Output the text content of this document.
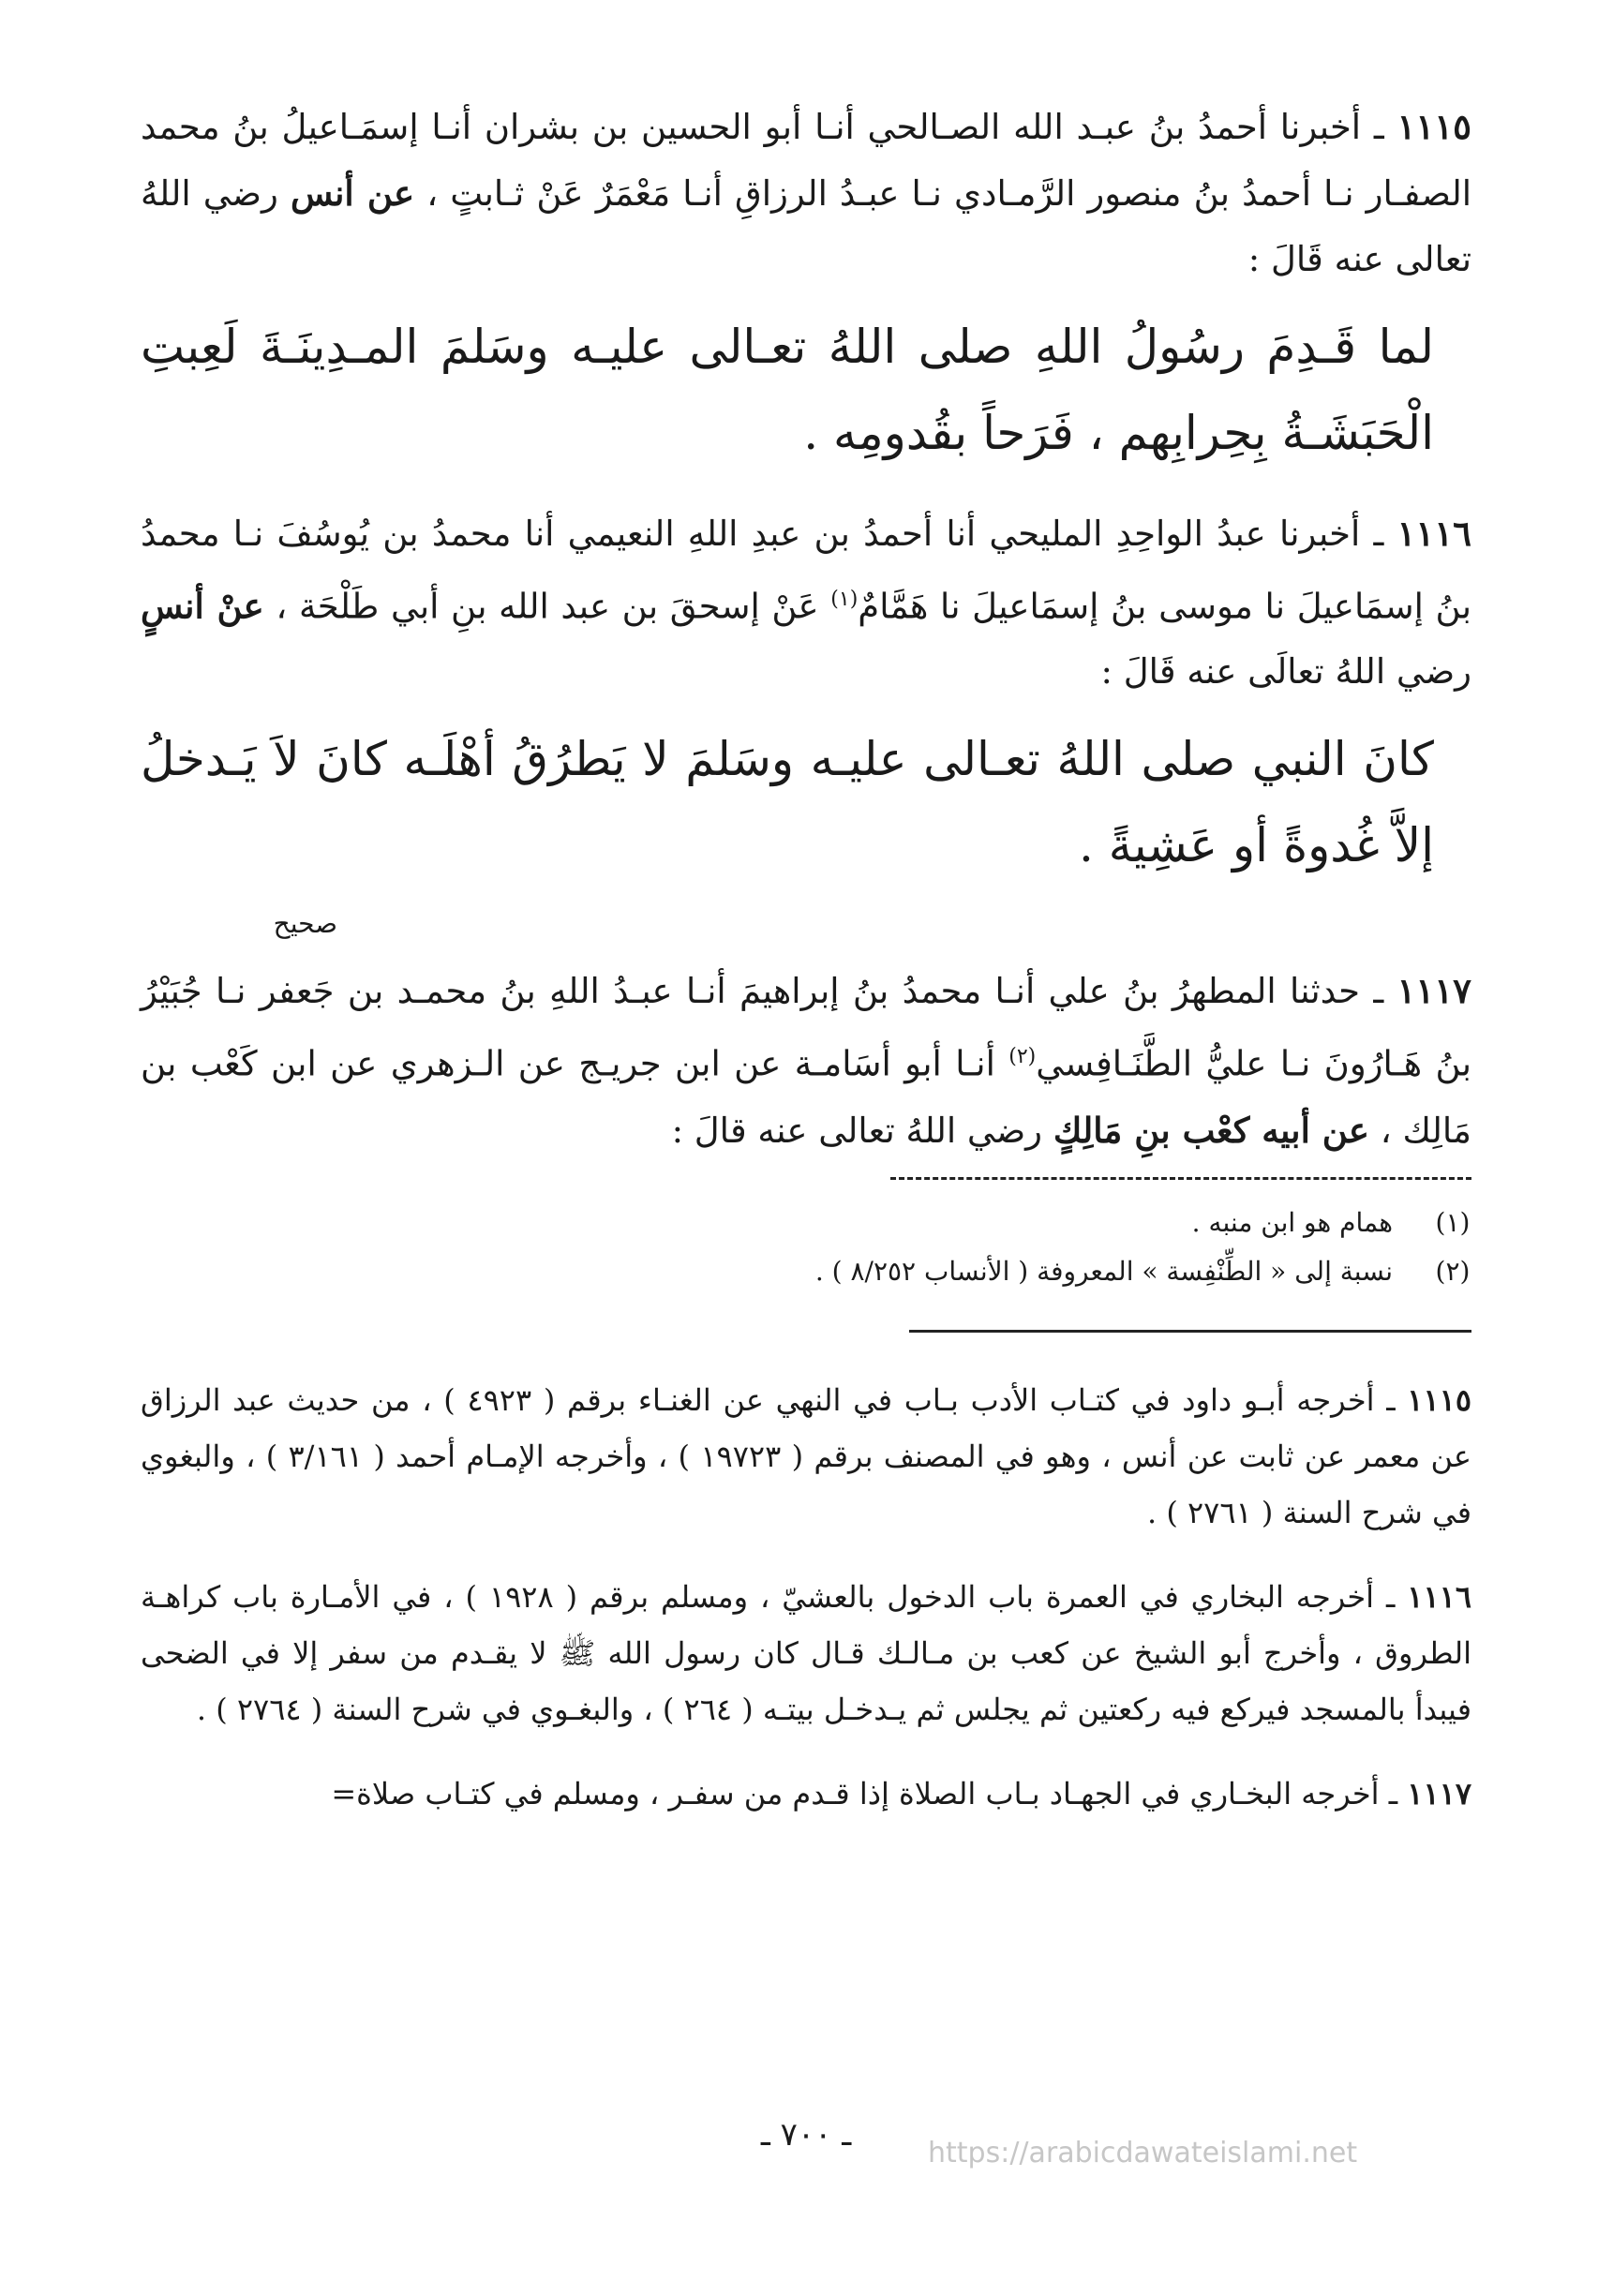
١١١٥ ـ أخبرنا أحمدُ بنُ عبـد الله الصـالحي أنـا أبو الحسين بن بشران أنـا إسمَـاعيلُ بنُ محمد الصفـار نـا أحمدُ بنُ منصور الرَّمـادي نـا عبـدُ الرزاقِ أنـا مَعْمَرٌ عَنْ ثـابتٍ ، عن أنس رضي اللهُ تعالى عنه قَالَ :

لما قَـدِمَ رسُولُ اللهِ صلى اللهُ تعـالى عليـه وسَلمَ المـدِينَـةَ لَعِبتِ الْحَبَشَـةُ بِحِرابِهم ، فَرَحاً بقُدومِه .

١١١٦ ـ أخبرنا عبدُ الواحِدِ المليحي أنا أحمدُ بن عبدِ اللهِ النعيمي أنا محمدُ بن يُوسُفَ نـا محمدُ بنُ إسمَاعيلَ نا موسى بنُ إسمَاعيلَ نا هَمَّامٌ$^{(١)}$ عَنْ إسحقَ بن عبد الله بنِ أبي طَلْحَة ، عنْ أنسٍ رضي اللهُ تعالَى عنه قَالَ :

كانَ النبي صلى اللهُ تعـالى عليـه وسَلمَ لا يَطرُقُ أهْلَـه كانَ لاَ يَـدخلُ إلاَّ غُدوةً أو عَشِيةً .

صحيح

١١١٧ ـ حدثنا المطهرُ بنُ علي أنـا محمدُ بنُ إبراهيمَ أنـا عبـدُ اللهِ بنُ محمـد بن جَعفر نـا جُبَيْرُ بنُ هَـارُونَ نـا عليُّ الطَّنَـافِسي$^{(٢)}$ أنـا أبو أسَامـة عن ابن جريـج عن الـزهري عن ابن كَعْب بن مَالِك ، عن أبيه كعْب بنِ مَالِكٍ رضي اللهُ تعالى عنه قالَ :

(١)
همام هو ابن منبه .
(٢)
نسبة إلى « الطِّنْفِسة » المعروفة ( الأنساب ٨/٢٥٢ ) .

١١١٥ ـ أخرجه أبـو داود في كتـاب الأدب بـاب في النهي عن الغنـاء برقم ( ٤٩٢٣ ) ، من حديث عبد الرزاق عن معمر عن ثابت عن أنس ، وهو في المصنف برقم ( ١٩٧٢٣ ) ، وأخرجه الإمـام أحمد ( ٣/١٦١ ) ، والبغوي في شرح السنة ( ٢٧٦١ ) .

١١١٦ ـ أخرجه البخاري في العمرة باب الدخول بالعشيّ ، ومسلم برقم ( ١٩٢٨ ) ، في الأمـارة باب كراهـة الطروق ، وأخرج أبو الشيخ عن كعب بن مـالـك قـال كان رسول الله ﷺ لا يقـدم من سفر إلا في الضحى فيبدأ بالمسجد فيركع فيه ركعتين ثم يجلس ثم يـدخـل بيتـه ( ٢٦٤ ) ، والبغـوي في شرح السنة ( ٢٧٦٤ ) .

١١١٧ ـ أخرجه البخـاري في الجهـاد بـاب الصلاة إذا قـدم من سفـر ، ومسلم في كتـاب صلاة=

ـ ٧٠٠ ـ	https://arabicdawateislami.net
